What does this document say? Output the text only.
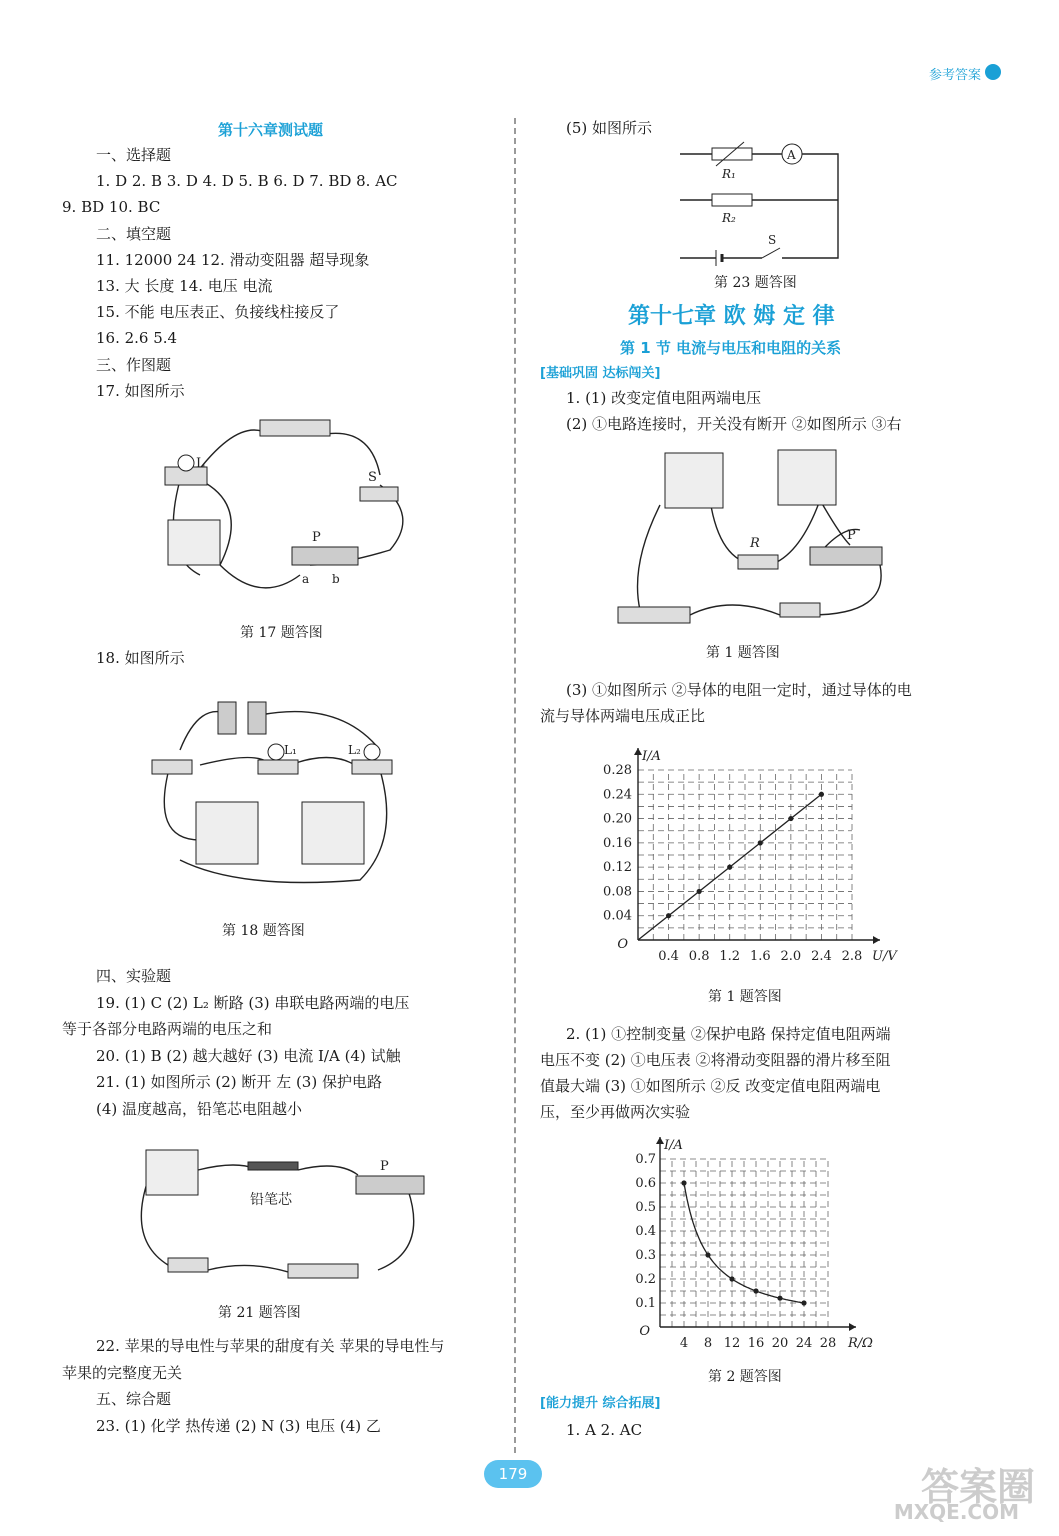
参考答案
第十六章测试题
一、选择题
1. D 2. B 3. D 4. D 5. B 6. D 7. BD 8. AC
9. BD 10. BC
二、填空题
11. 12000 24 12. 滑动变阻器 超导现象
13. 大 长度 14. 电压 电流
15. 不能 电压表正、负接线柱接反了
16. 2.6 5.4
三、作图题
17. 如图所示
L
S
P
a b
第 17 题答图
18. 如图所示
L₁	L₂
第 18 题答图
四、实验题
19. (1) C (2) L₂ 断路 (3) 串联电路两端的电压
等于各部分电路两端的电压之和
20. (1) B (2) 越大越好 (3) 电流 I/A (4) 试触
21. (1) 如图所示 (2) 断开 左 (3) 保护电路
(4) 温度越高，铅笔芯电阻越小
铅笔芯
P
第 21 题答图
22. 苹果的导电性与苹果的甜度有关 苹果的导电性与
苹果的完整度无关
五、综合题
23. (1) 化学 热传递 (2) N (3) 电压 (4) 乙
(5) 如图所示
A
R₁
R₂
S
第 23 题答图
第十七章 欧 姆 定 律
第 1 节 电流与电压和电阻的关系
[基础巩固 达标闯关]
1. (1) 改变定值电阻两端电压
(2) ①电路连接时，开关没有断开 ②如图所示 ③右
R
P
第 1 题答图
(3) ①如图所示 ②导体的电阻一定时，通过导体的电
流与导体两端电压成正比
0.4 0.8 1.2 1.6 2.0 2.4 2.8
0.04
0.08
0.12
0.16
0.20
0.24
0.28
O
U/V
I/A
第 1 题答图
2. (1) ①控制变量 ②保护电路 保持定值电阻两端
电压不变 (2) ①电压表 ②将滑动变阻器的滑片移至阻
值最大端 (3) ①如图所示 ②反 改变定值电阻两端电
压，至少再做两次实验
4 8 12 16 20 24 28
0.1
0.2
0.3
0.4
0.5
0.6
0.7
O
R/Ω
I/A
第 2 题答图
[能力提升 综合拓展]
1. A 2. AC
179	答案圈
MXQE.COM
